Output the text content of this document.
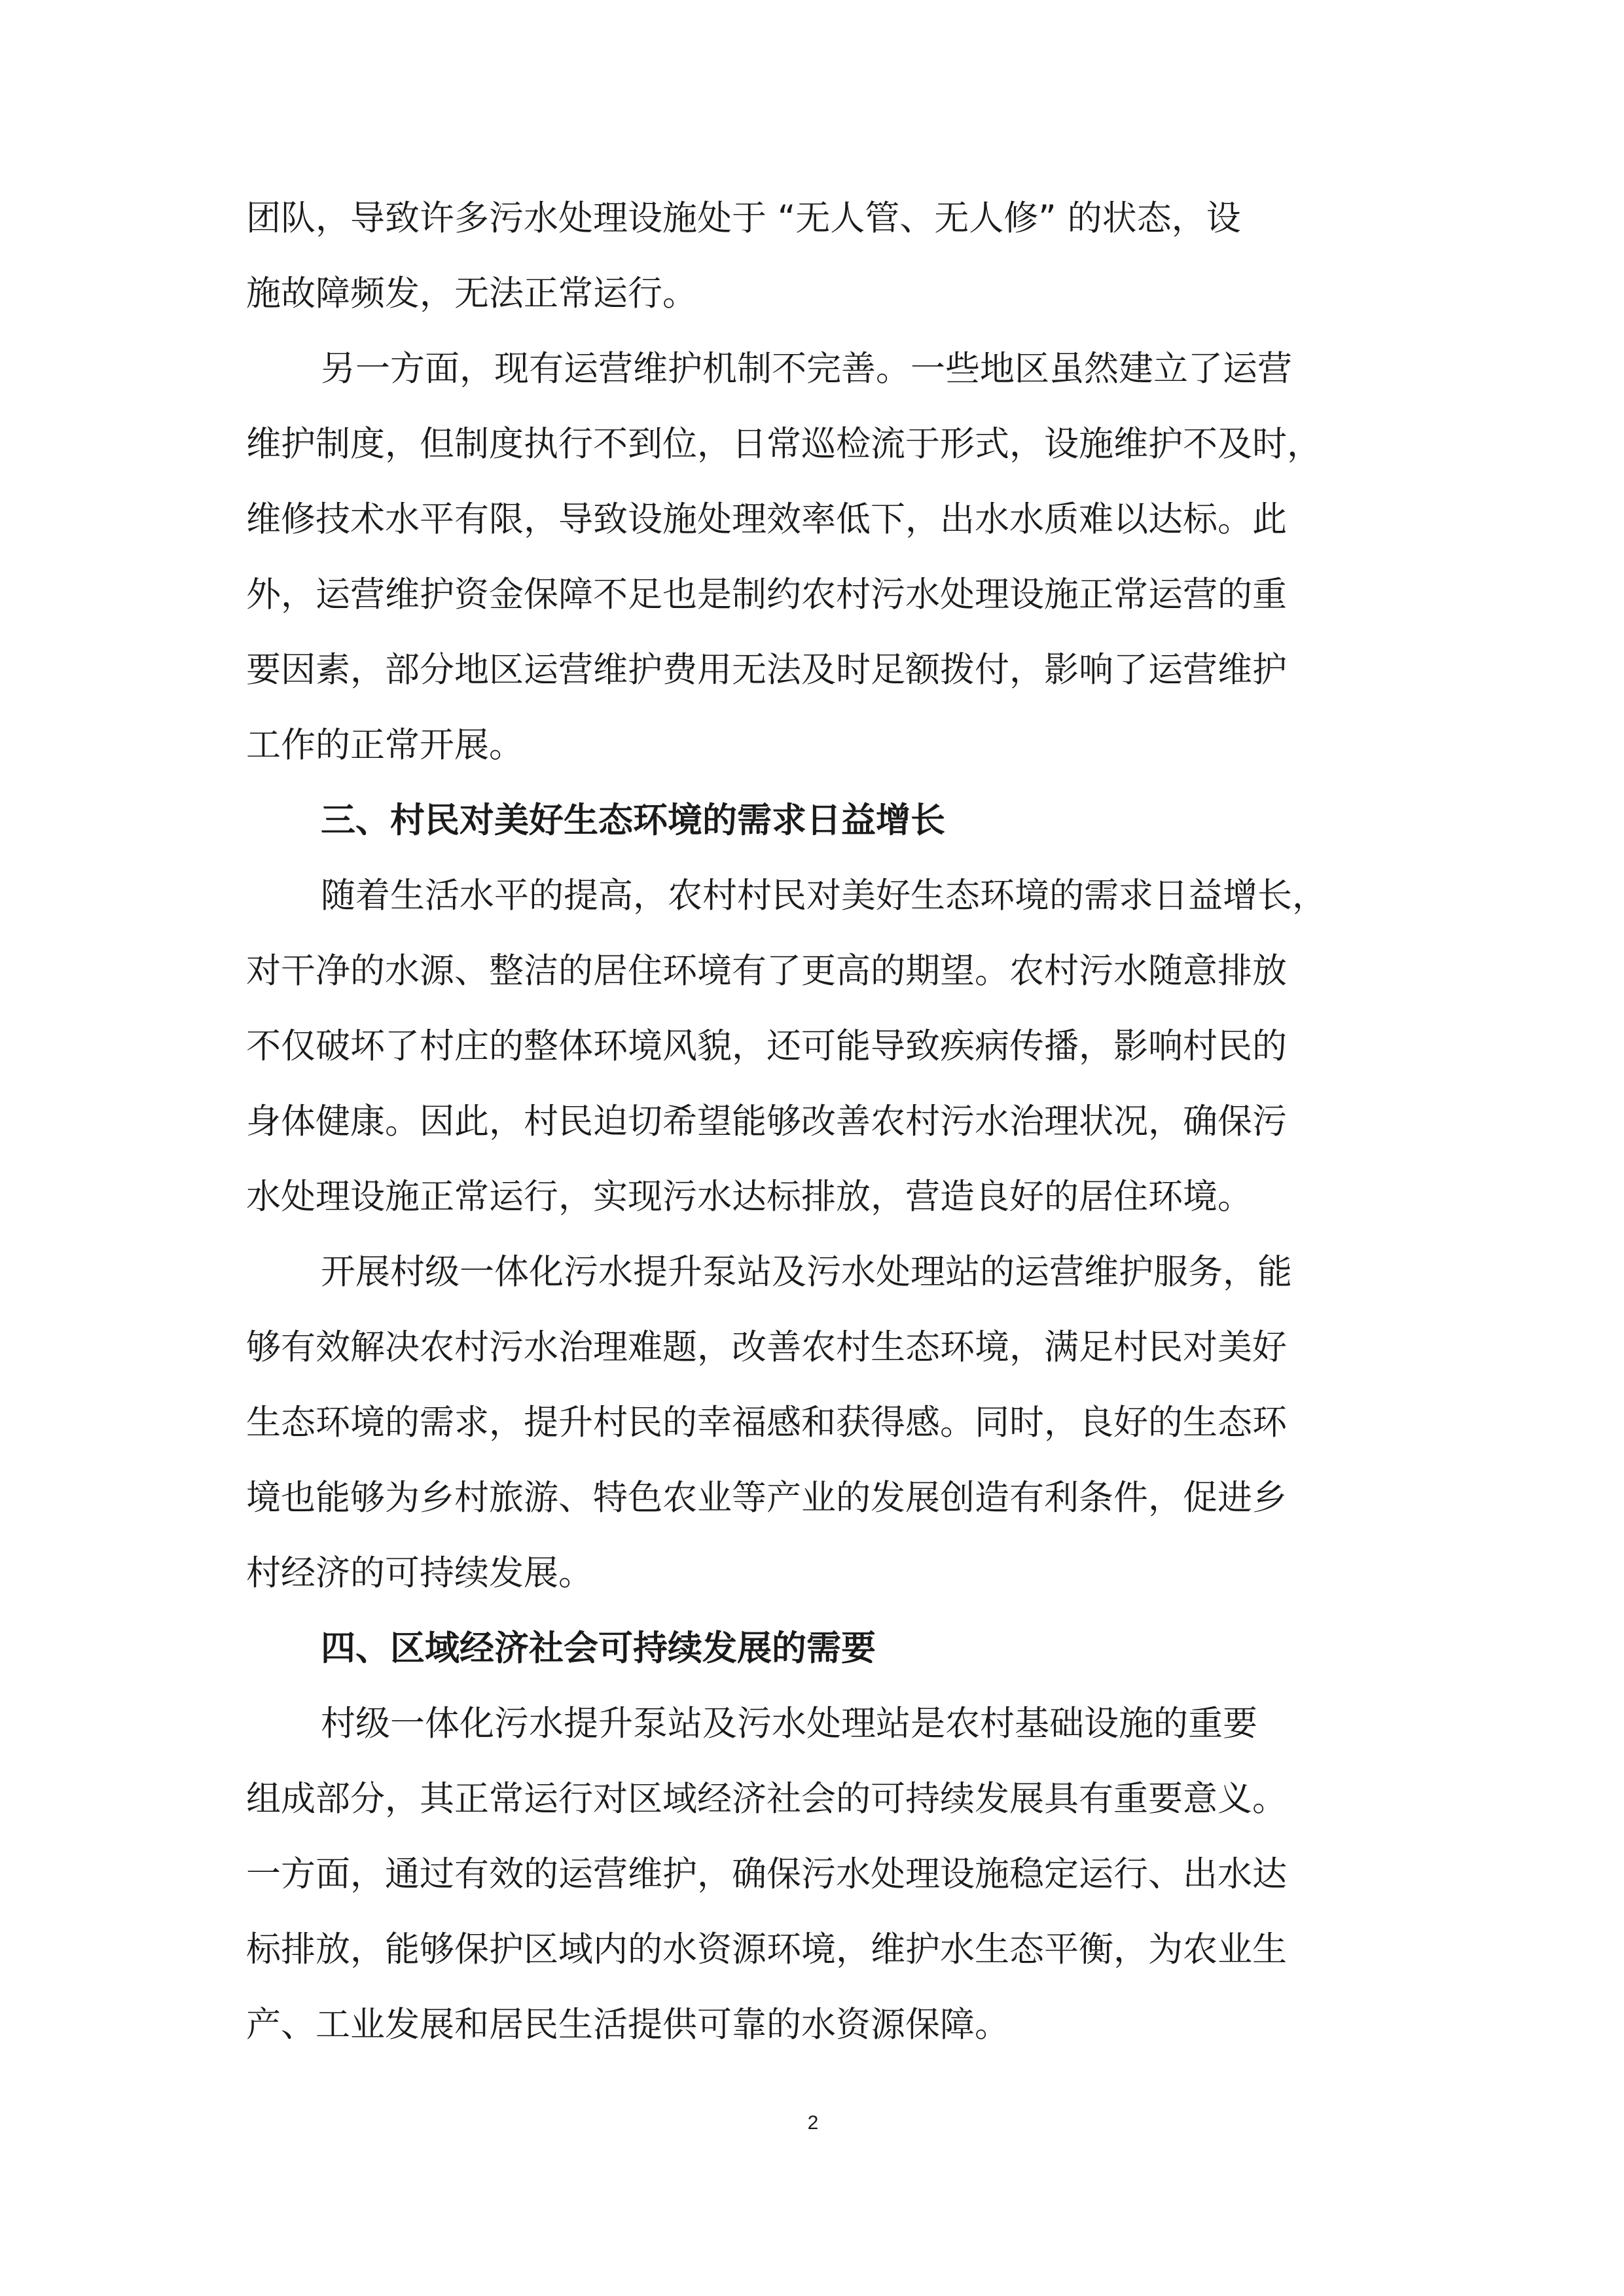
团队，导致许多污水处理设施处于 “无人管、无人修” 的状态，设
施故障频发，无法正常运行。
另一方面，现有运营维护机制不完善。一些地区虽然建立了运营
维护制度，但制度执行不到位，日常巡检流于形式，设施维护不及时，
维修技术水平有限，导致设施处理效率低下，出水水质难以达标。此
外，运营维护资金保障不足也是制约农村污水处理设施正常运营的重
要因素，部分地区运营维护费用无法及时足额拨付，影响了运营维护
工作的正常开展。
三、村民对美好生态环境的需求日益增长
随着生活水平的提高，农村村民对美好生态环境的需求日益增长，
对干净的水源、整洁的居住环境有了更高的期望。农村污水随意排放
不仅破坏了村庄的整体环境风貌，还可能导致疾病传播，影响村民的
身体健康。因此，村民迫切希望能够改善农村污水治理状况，确保污
水处理设施正常运行，实现污水达标排放，营造良好的居住环境。
开展村级一体化污水提升泵站及污水处理站的运营维护服务，能
够有效解决农村污水治理难题，改善农村生态环境，满足村民对美好
生态环境的需求，提升村民的幸福感和获得感。同时，良好的生态环
境也能够为乡村旅游、特色农业等产业的发展创造有利条件，促进乡
村经济的可持续发展。
四、区域经济社会可持续发展的需要
村级一体化污水提升泵站及污水处理站是农村基础设施的重要
组成部分，其正常运行对区域经济社会的可持续发展具有重要意义。
一方面，通过有效的运营维护，确保污水处理设施稳定运行、出水达
标排放，能够保护区域内的水资源环境，维护水生态平衡，为农业生
产、工业发展和居民生活提供可靠的水资源保障。
2
